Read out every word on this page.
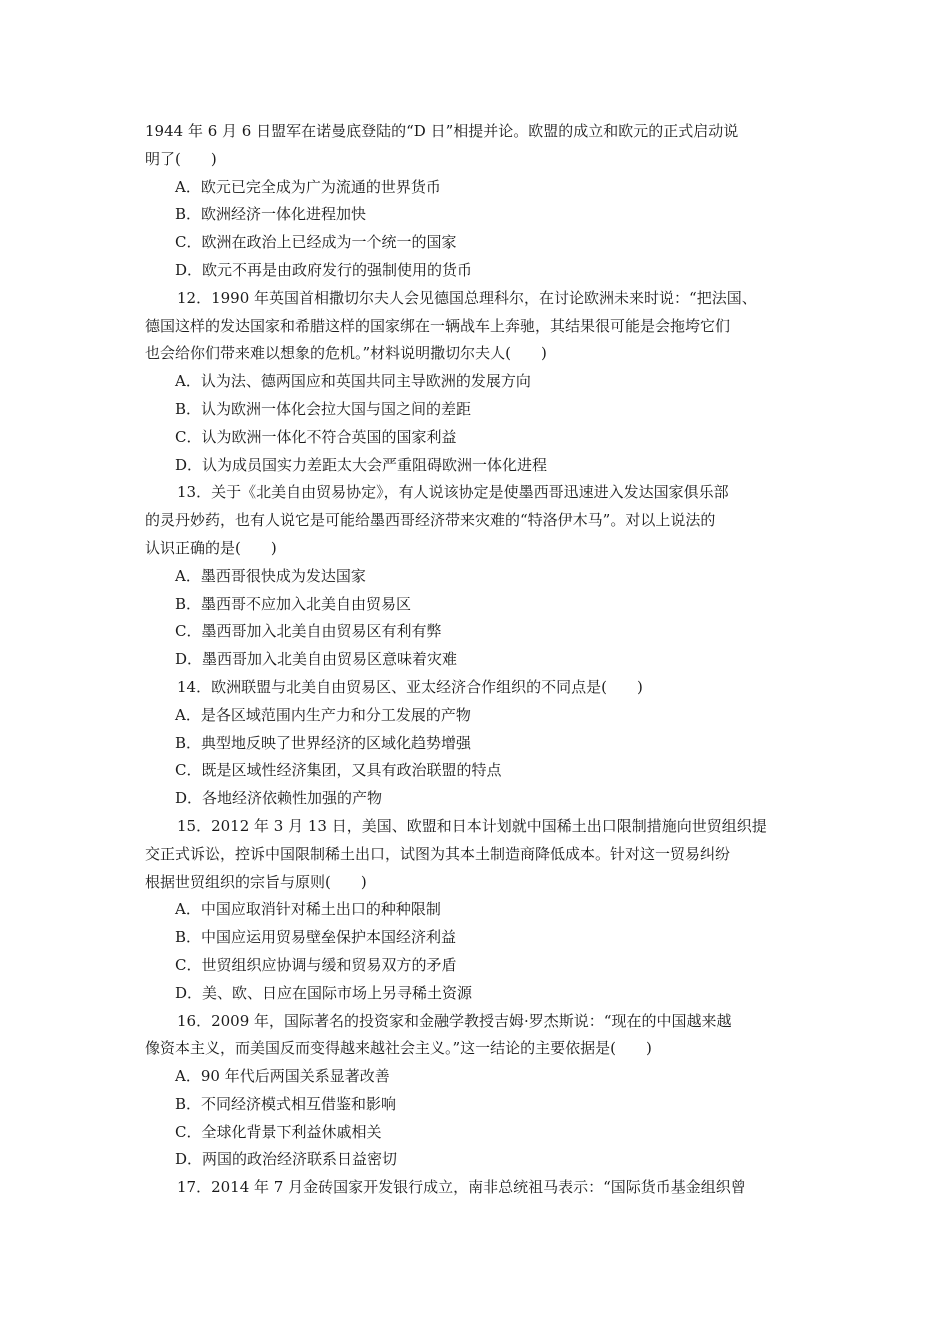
1944 年 6 月 6 日盟军在诺曼底登陆的“D 日”相提并论。欧盟的成立和欧元的正式启动说

明了(　　)

A．欧元已完全成为广为流通的世界货币

B．欧洲经济一体化进程加快

C．欧洲在政治上已经成为一个统一的国家

D．欧元不再是由政府发行的强制使用的货币

12．1990 年英国首相撒切尔夫人会见德国总理科尔，在讨论欧洲未来时说：“把法国、

德国这样的发达国家和希腊这样的国家绑在一辆战车上奔驰，其结果很可能是会拖垮它们

也会给你们带来难以想象的危机。”材料说明撒切尔夫人(　　)

A．认为法、德两国应和英国共同主导欧洲的发展方向

B．认为欧洲一体化会拉大国与国之间的差距

C．认为欧洲一体化不符合英国的国家利益

D．认为成员国实力差距太大会严重阻碍欧洲一体化进程

13．关于《北美自由贸易协定》，有人说该协定是使墨西哥迅速进入发达国家俱乐部

的灵丹妙药，也有人说它是可能给墨西哥经济带来灾难的“特洛伊木马”。对以上说法的

认识正确的是(　　)

A．墨西哥很快成为发达国家

B．墨西哥不应加入北美自由贸易区

C．墨西哥加入北美自由贸易区有利有弊

D．墨西哥加入北美自由贸易区意味着灾难

14．欧洲联盟与北美自由贸易区、亚太经济合作组织的不同点是(　　)

A．是各区域范围内生产力和分工发展的产物

B．典型地反映了世界经济的区域化趋势增强

C．既是区域性经济集团，又具有政治联盟的特点

D．各地经济依赖性加强的产物

15．2012 年 3 月 13 日，美国、欧盟和日本计划就中国稀土出口限制措施向世贸组织提

交正式诉讼，控诉中国限制稀土出口，试图为其本土制造商降低成本。针对这一贸易纠纷

根据世贸组织的宗旨与原则(　　)

A．中国应取消针对稀土出口的种种限制

B．中国应运用贸易壁垒保护本国经济利益

C．世贸组织应协调与缓和贸易双方的矛盾

D．美、欧、日应在国际市场上另寻稀土资源

16．2009 年，国际著名的投资家和金融学教授吉姆·罗杰斯说：“现在的中国越来越

像资本主义，而美国反而变得越来越社会主义。”这一结论的主要依据是(　　)

A．90 年代后两国关系显著改善

B．不同经济模式相互借鉴和影响

C．全球化背景下利益休戚相关

D．两国的政治经济联系日益密切

17．2014 年 7 月金砖国家开发银行成立，南非总统祖马表示：“国际货币基金组织曾
